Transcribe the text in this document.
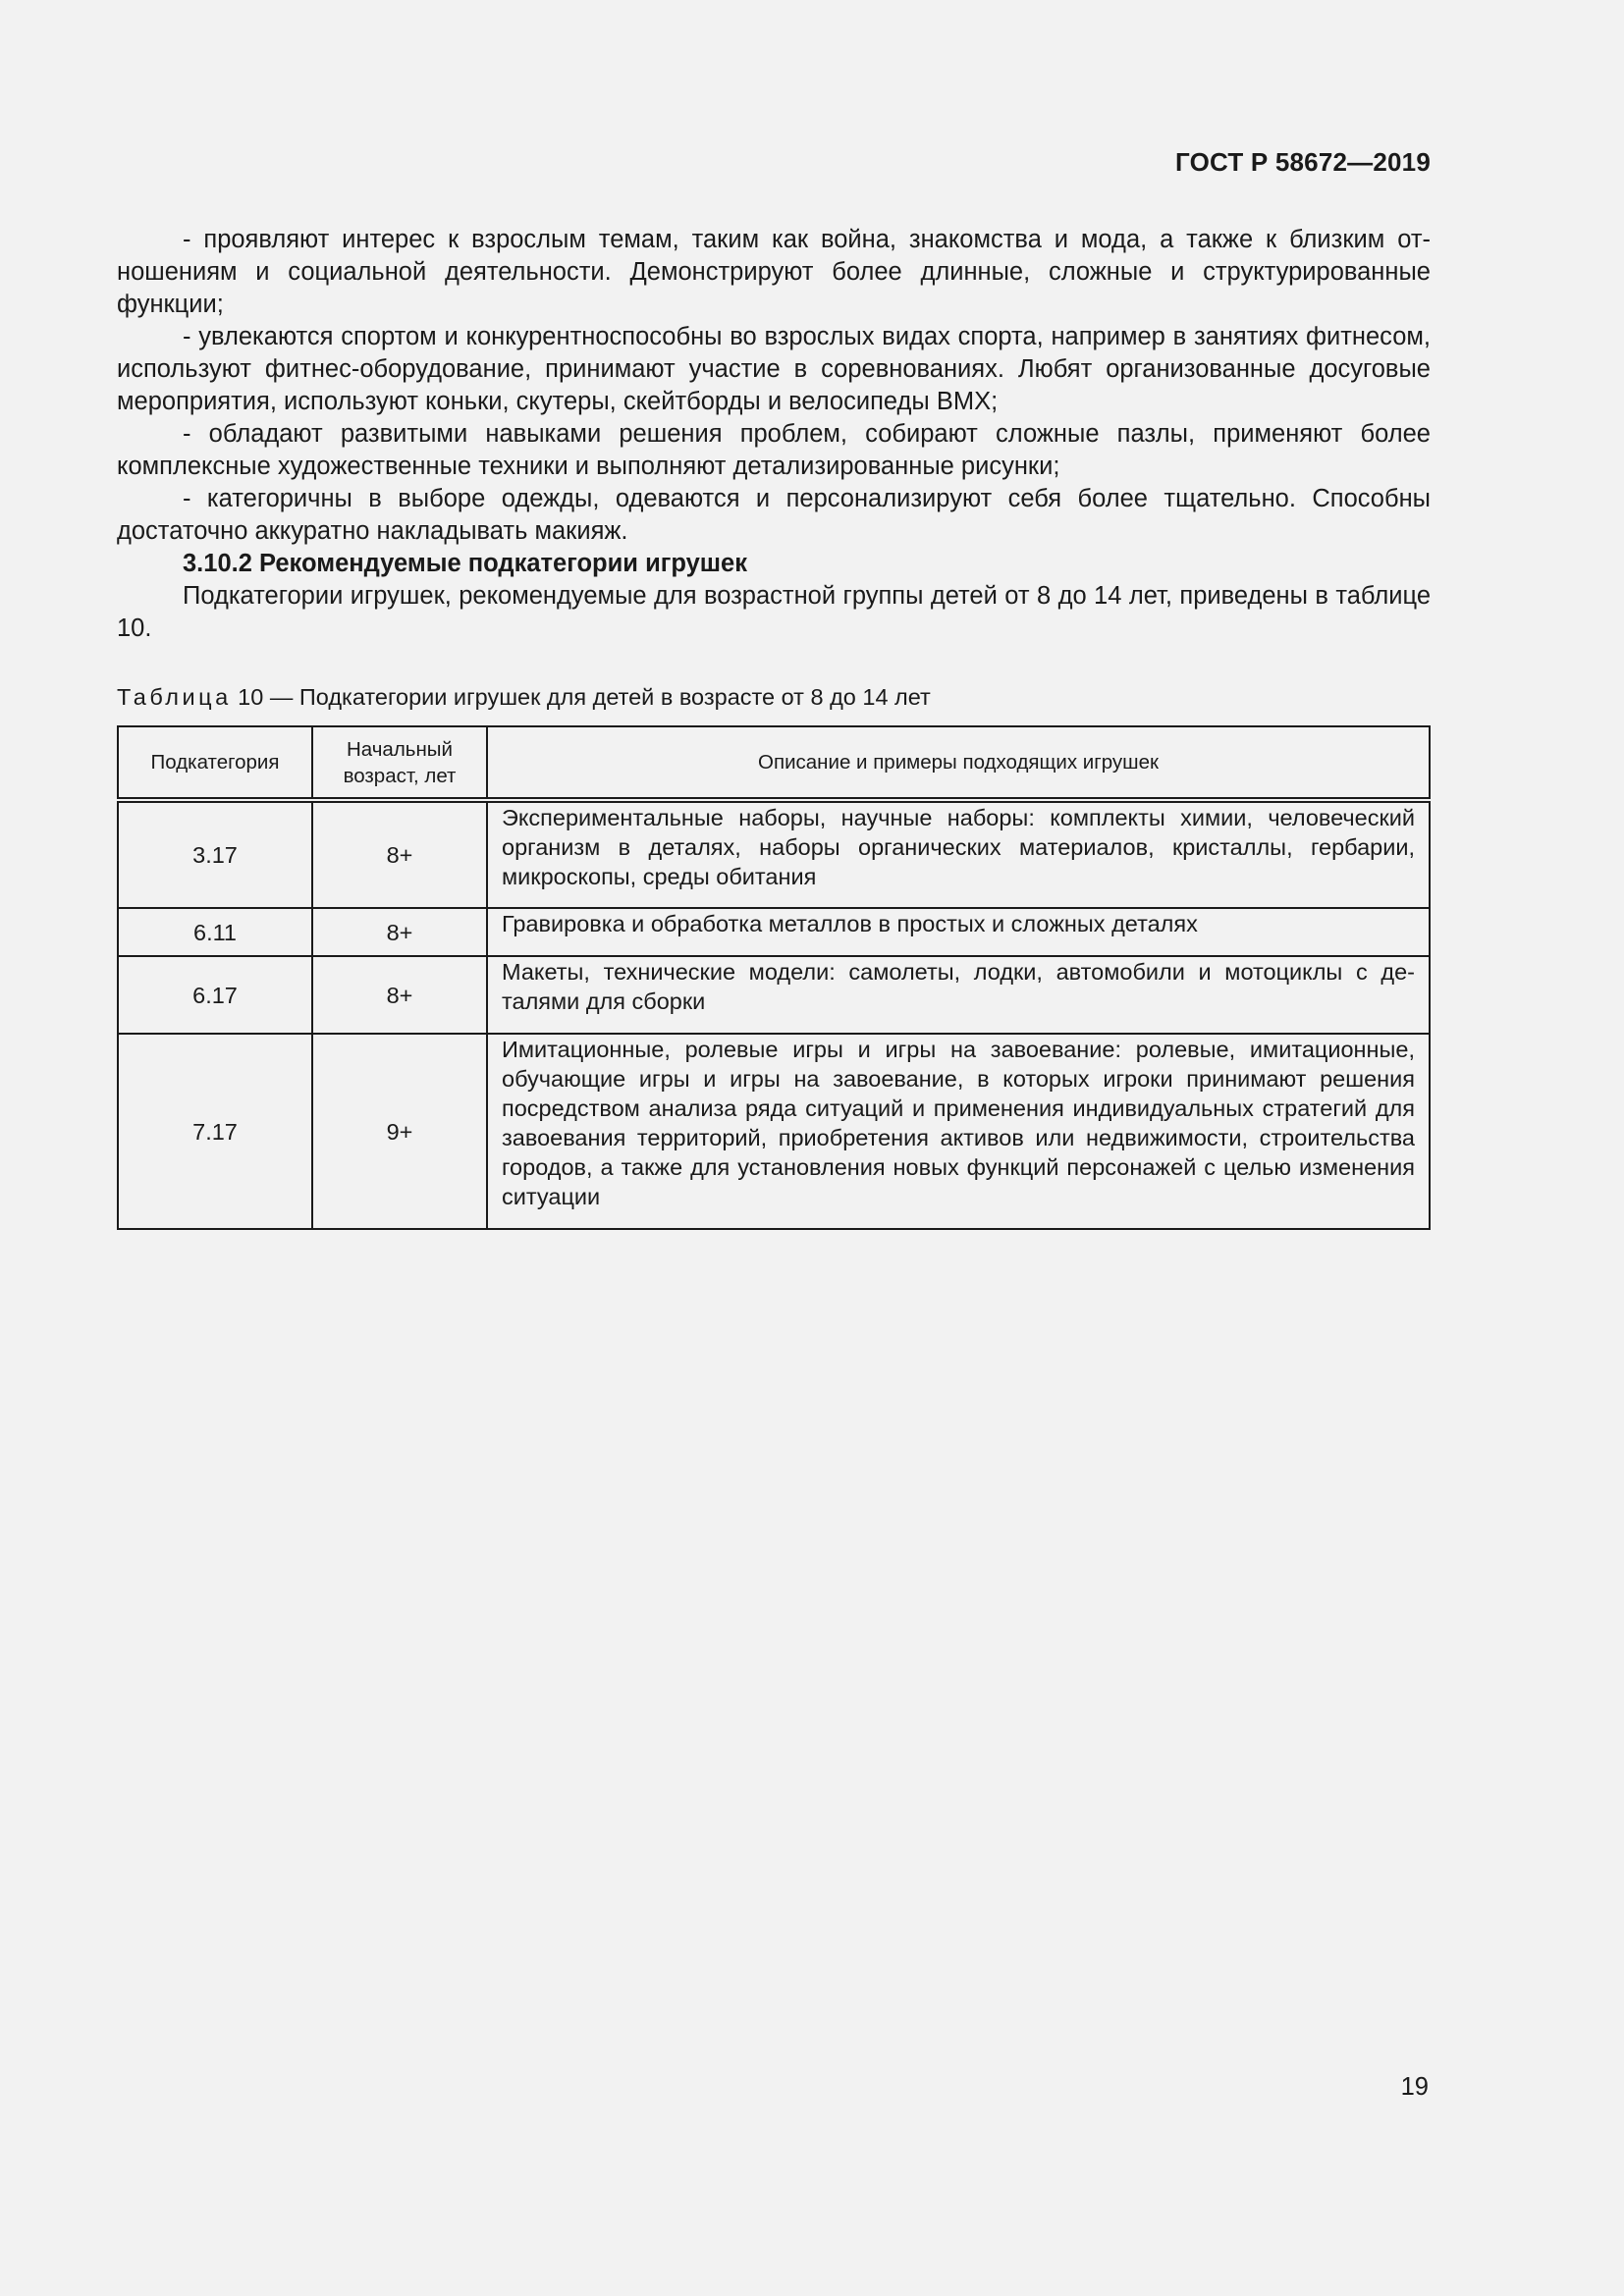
ГОСТ Р 58672—2019

- проявляют интерес к взрослым темам, таким как война, знакомства и мода, а также к близким отношениям и социальной деятельности. Демонстрируют более длинные, сложные и структурированные функции;

- увлекаются спортом и конкурентноспособны во взрослых видах спорта, например в занятиях фитнесом, используют фитнес-оборудование, принимают участие в соревнованиях. Любят организованные досуговые мероприятия, используют коньки, скутеры, скейтборды и велосипеды ВМХ;

- обладают развитыми навыками решения проблем, собирают сложные пазлы, применяют более комплексные художественные техники и выполняют детализированные рисунки;

- категоричны в выборе одежды, одеваются и персонализируют себя более тщательно. Способны достаточно аккуратно накладывать макияж.

3.10.2 Рекомендуемые подкатегории игрушек

Подкатегории игрушек, рекомендуемые для возрастной группы детей от 8 до 14 лет, приведены в таблице 10.

Таблица 10 — Подкатегории игрушек для детей в возрасте от 8 до 14 лет
Подкатегория	Начальный возраст, лет	Описание и примеры подходящих игрушек
3.17	8+	Экспериментальные наборы, научные наборы: комплекты химии, человеческий организм в деталях, наборы органических материалов, кристаллы, гербарии, микроскопы, среды обитания
6.11	8+	Гравировка и обработка металлов в простых и сложных деталях
6.17	8+	Макеты, технические модели: самолеты, лодки, автомобили и мотоциклы с деталями для сборки
7.17	9+	Имитационные, ролевые игры и игры на завоевание: ролевые, имитационные, обучающие игры и игры на завоевание, в которых игроки принимают решения посредством анализа ряда ситуаций и применения индивидуальных стратегий для завоевания территорий, приобретения активов или недвижимости, строительства городов, а также для установления новых функций персонажей с целью изменения ситуации
19
